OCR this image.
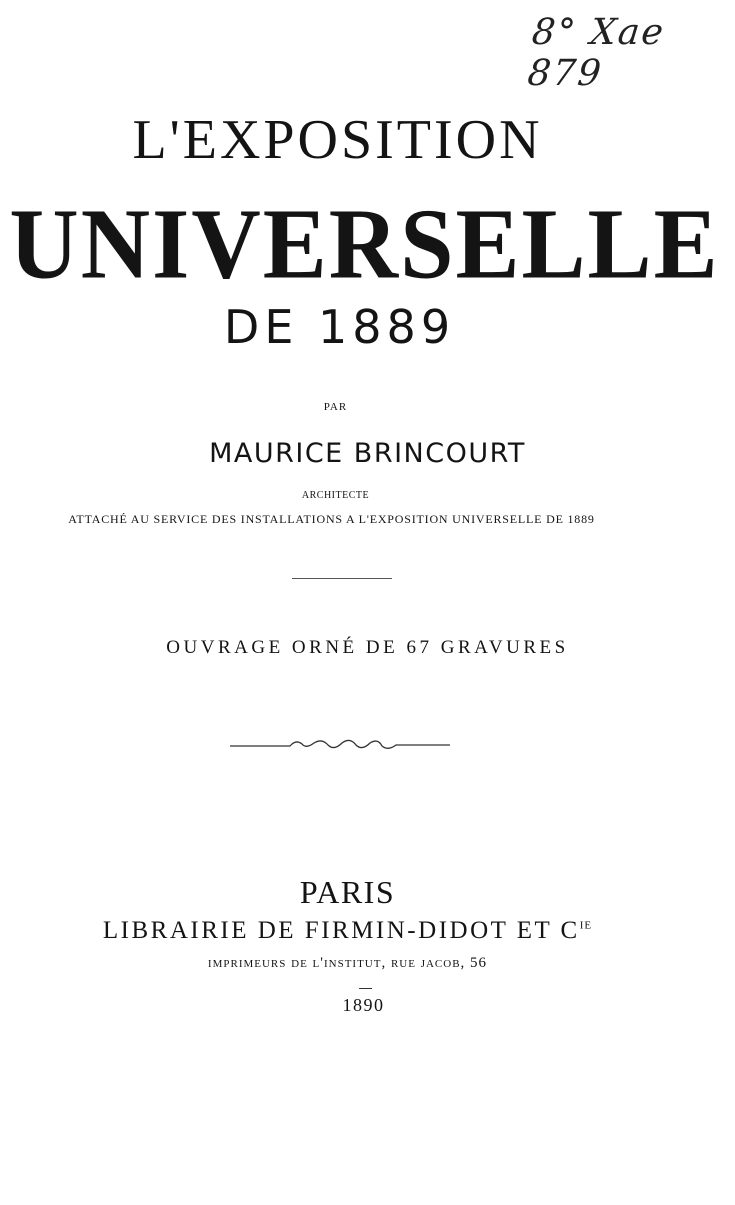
8° Xae 879
L'EXPOSITION
UNIVERSELLE
DE 1889
PAR
MAURICE BRINCOURT
ARCHITECTE
ATTACHÉ AU SERVICE DES INSTALLATIONS A L'EXPOSITION UNIVERSELLE DE 1889
OUVRAGE ORNÉ DE 67 GRAVURES
PARIS
LIBRAIRIE DE FIRMIN-DIDOT ET $C^{IE}$
imprimeurs de l'institut, rue jacob, 56
1890
